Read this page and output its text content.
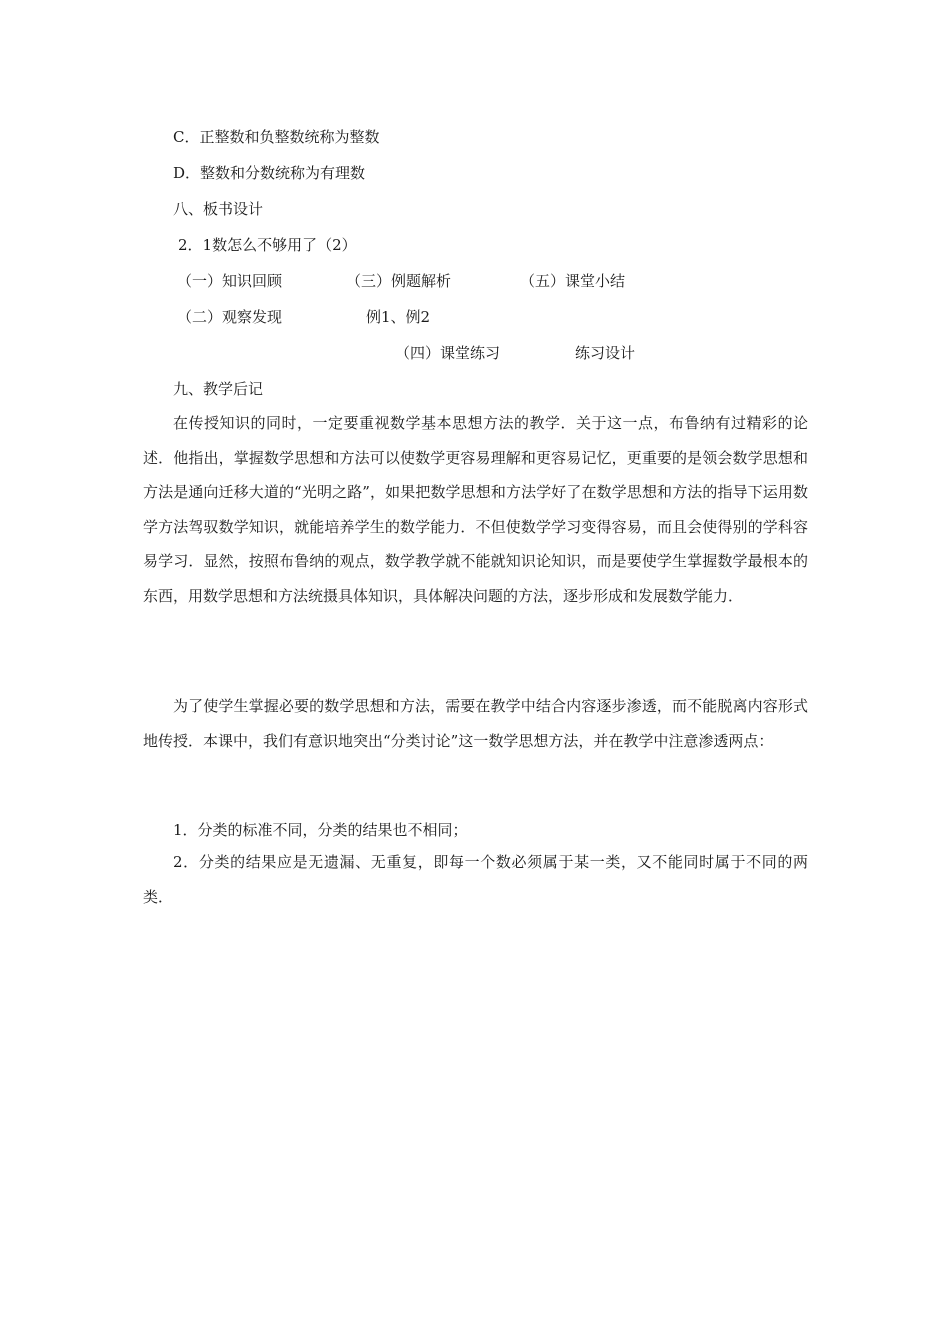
C．正整数和负整数统称为整数
D．整数和分数统称为有理数
八、板书设计
2．1数怎么不够用了（2）
（一）知识回顾	（三）例题解析	（五）课堂小结
（二）观察发现	例1、例2
（四）课堂练习	练习设计
九、教学后记
在传授知识的同时，一定要重视数学基本思想方法的教学．关于这一点，布鲁纳有过精彩的论述．他指出，掌握数学思想和方法可以使数学更容易理解和更容易记忆，更重要的是领会数学思想和方法是通向迁移大道的“光明之路”，如果把数学思想和方法学好了在数学思想和方法的指导下运用数学方法驾驭数学知识，就能培养学生的数学能力．不但使数学学习变得容易，而且会使得别的学科容易学习．显然，按照布鲁纳的观点，数学教学就不能就知识论知识，而是要使学生掌握数学最根本的东西，用数学思想和方法统摄具体知识，具体解决问题的方法，逐步形成和发展数学能力．
为了使学生掌握必要的数学思想和方法，需要在教学中结合内容逐步渗透，而不能脱离内容形式地传授．本课中，我们有意识地突出“分类讨论”这一数学思想方法，并在教学中注意渗透两点：
1．分类的标准不同，分类的结果也不相同；
2．分类的结果应是无遗漏、无重复，即每一个数必须属于某一类，又不能同时属于不同的两类．
